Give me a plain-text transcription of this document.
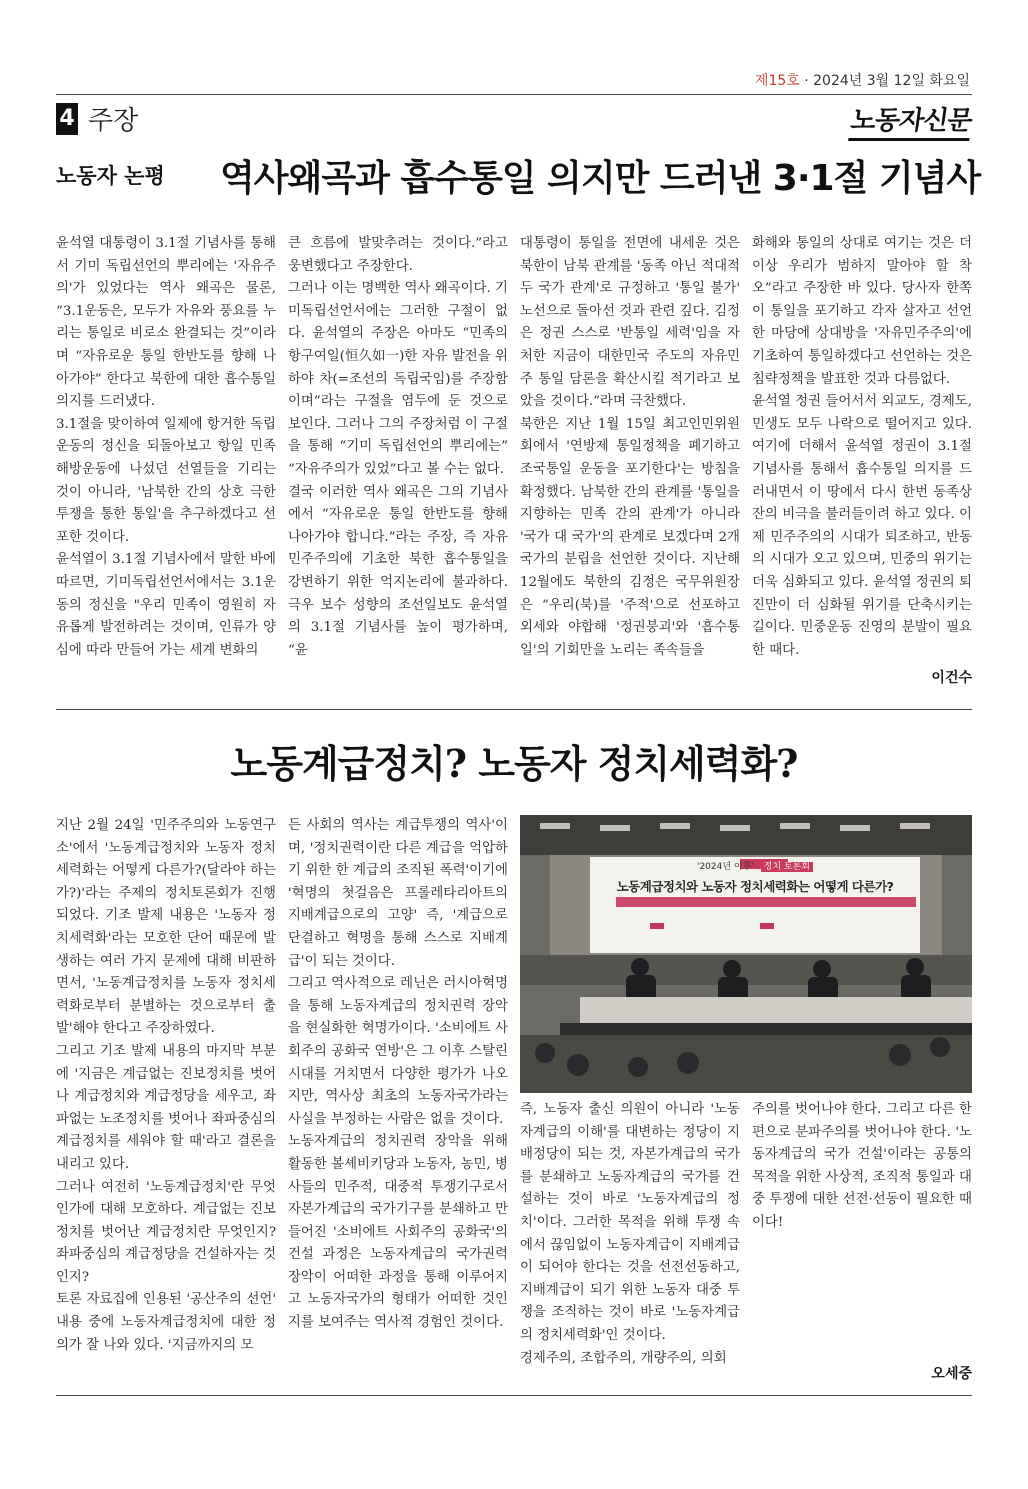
제15호 · 2024년 3월 12일 화요일
4 주장	노동자신문
노동자 논평 역사왜곡과 흡수통일 의지만 드러낸 3·1절 기념사

윤석열 대통령이 3.1절 기념사를 통해서 기미 독립선언의 뿌리에는 '자유주의'가 있었다는 역사 왜곡은 물론, “3.1운동은, 모두가 자유와 풍요를 누리는 통일로 비로소 완결되는 것”이라며 “자유로운 통일 한반도를 향해 나아가야” 한다고 북한에 대한 흡수통일 의지를 드러냈다.

3.1절을 맞이하여 일제에 항거한 독립운동의 정신을 되돌아보고 항일 민족해방운동에 나섰던 선열들을 기리는 것이 아니라, '남북한 간의 상호 극한 투쟁을 통한 통일'을 추구하겠다고 선포한 것이다.

윤석열이 3.1절 기념사에서 말한 바에 따르면, 기미독립선언서에서는 3.1운동의 정신을 "우리 민족이 영원히 자유롭게 발전하려는 것이며, 인류가 양심에 따라 만들어 가는 세계 변화의

큰 흐름에 발맞추려는 것이다.”라고 웅변했다고 주장한다.

그러나 이는 명백한 역사 왜곡이다. 기미독립선언서에는 그러한 구절이 없다. 윤석열의 주장은 아마도 “민족의 항구여일(恒久如一)한 자유 발전을 위하야 차(=조선의 독립국임)를 주장함이며”라는 구절을 염두에 둔 것으로 보인다. 그러나 그의 주장처럼 이 구절을 통해 “기미 독립선언의 뿌리에는” “자유주의가 있었”다고 볼 수는 없다.

결국 이러한 역사 왜곡은 그의 기념사에서 “자유로운 통일 한반도를 향해 나아가야 합니다.”라는 주장, 즉 자유민주주의에 기초한 북한 흡수통일을 강변하기 위한 억지논리에 불과하다. 극우 보수 성향의 조선일보도 윤석열의 3.1절 기념사를 높이 평가하며, “윤

대통령이 통일을 전면에 내세운 것은 북한이 남북 관계를 '동족 아닌 적대적 두 국가 관계'로 규정하고 '통일 불가' 노선으로 돌아선 것과 관련 깊다. 김정은 정권 스스로 '반통일 세력'임을 자처한 지금이 대한민국 주도의 자유민주 통일 담론을 확산시킬 적기라고 보았을 것이다.”라며 극찬했다.

북한은 지난 1월 15일 최고인민위원회에서 '연방제 통일정책을 폐기하고 조국통일 운동을 포기한다'는 방침을 확정했다. 남북한 간의 관계를 '통일을 지향하는 민족 간의 관계'가 아니라 '국가 대 국가'의 관계로 보겠다며 2개 국가의 분립을 선언한 것이다. 지난해 12월에도 북한의 김정은 국무위원장은 “우리(북)를 '주적'으로 선포하고 외세와 야합해 '정권붕괴'와 '흡수통일'의 기회만을 노리는 족속들을

화해와 통일의 상대로 여기는 것은 더 이상 우리가 범하지 말아야 할 착오”라고 주장한 바 있다. 당사자 한쪽이 통일을 포기하고 각자 살자고 선언한 마당에 상대방을 '자유민주주의'에 기초하여 통일하겠다고 선언하는 것은 침략정책을 발표한 것과 다름없다.

윤석열 정권 들어서서 외교도, 경제도, 민생도 모두 나락으로 떨어지고 있다. 여기에 더해서 윤석열 정권이 3.1절 기념사를 통해서 흡수통일 의지를 드러내면서 이 땅에서 다시 한번 동족상잔의 비극을 불러들이려 하고 있다. 이제 민주주의의 시대가 퇴조하고, 반동의 시대가 오고 있으며, 민중의 위기는 더욱 심화되고 있다. 윤석열 정권의 퇴진만이 더 심화될 위기를 단축시키는 길이다. 민중운동 진영의 분발이 필요한 때다.

이건수
노동계급정치? 노동자 정치세력화?

지난 2월 24일 '민주주의와 노동연구소'에서 '노동계급정치와 노동자 정치세력화는 어떻게 다른가?(달라야 하는가?)'라는 주제의 정치토론회가 진행되었다. 기조 발제 내용은 '노동자 정치세력화'라는 모호한 단어 때문에 발생하는 여러 가지 문제에 대해 비판하면서, '노동계급정치를 노동자 정치세력화로부터 분별하는 것으로부터 출발'해야 한다고 주장하였다.

그리고 기조 발제 내용의 마지막 부분에 '지금은 계급없는 진보정치를 벗어나 계급정치와 계급정당을 세우고, 좌파없는 노조정치를 벗어나 좌파중심의 계급정치를 세워야 할 때'라고 결론을 내리고 있다.

그러나 여전히 '노동계급정치'란 무엇인가에 대해 모호하다. 계급없는 진보정치를 벗어난 계급정치란 무엇인지? 좌파중심의 계급정당을 건설하자는 것인지?

토론 자료집에 인용된 '공산주의 선언' 내용 중에 노동자계급정치에 대한 정의가 잘 나와 있다. '지금까지의 모

든 사회의 역사는 계급투쟁의 역사'이며, '정치권력이란 다른 계급을 억압하기 위한 한 계급의 조직된 폭력'이기에 '혁명의 첫걸음은 프롤레타리아트의 지배계급으로의 고양' 즉, '계급으로 단결하고 혁명을 통해 스스로 지배계급'이 되는 것이다.

그리고 역사적으로 레닌은 러시아혁명을 통해 노동자계급의 정치권력 장악을 현실화한 혁명가이다. '소비에트 사회주의 공화국 연방'은 그 이후 스탈린 시대를 거치면서 다양한 평가가 나오지만, 역사상 최초의 노동자국가라는 사실을 부정하는 사람은 없을 것이다.

노동자계급의 정치권력 장악을 위해 활동한 볼셰비키당과 노동자, 농민, 병사들의 민주적, 대중적 투쟁기구로서 자본가계급의 국가기구를 분쇄하고 만들어진 '소비에트 사회주의 공화국'의 건설 과정은 노동자계급의 국가권력 장악이 어떠한 과정을 통해 이루어지고 노동자국가의 형태가 어떠한 것인지를 보여주는 역사적 경험인 것이다.

'2024년 이후' 정치 토론회
노동계급정치와 노동자 정치세력화는 어떻게 다른가?

즉, 노동자 출신 의원이 아니라 '노동자계급의 이해'를 대변하는 정당이 지배정당이 되는 것, 자본가계급의 국가를 분쇄하고 노동자계급의 국가를 건설하는 것이 바로 '노동자계급의 정치'이다. 그러한 목적을 위해 투쟁 속에서 끊임없이 노동자계급이 지배계급이 되어야 한다는 것을 선전선동하고, 지배계급이 되기 위한 노동자 대중 투쟁을 조직하는 것이 바로 '노동자계급의 정치세력화'인 것이다.

경제주의, 조합주의, 개량주의, 의회

주의를 벗어나야 한다. 그리고 다른 한편으로 분파주의를 벗어나야 한다. '노동자계급의 국가 건설'이라는 공통의 목적을 위한 사상적, 조직적 통일과 대중 투쟁에 대한 선전·선동이 필요한 때이다!

오세중
